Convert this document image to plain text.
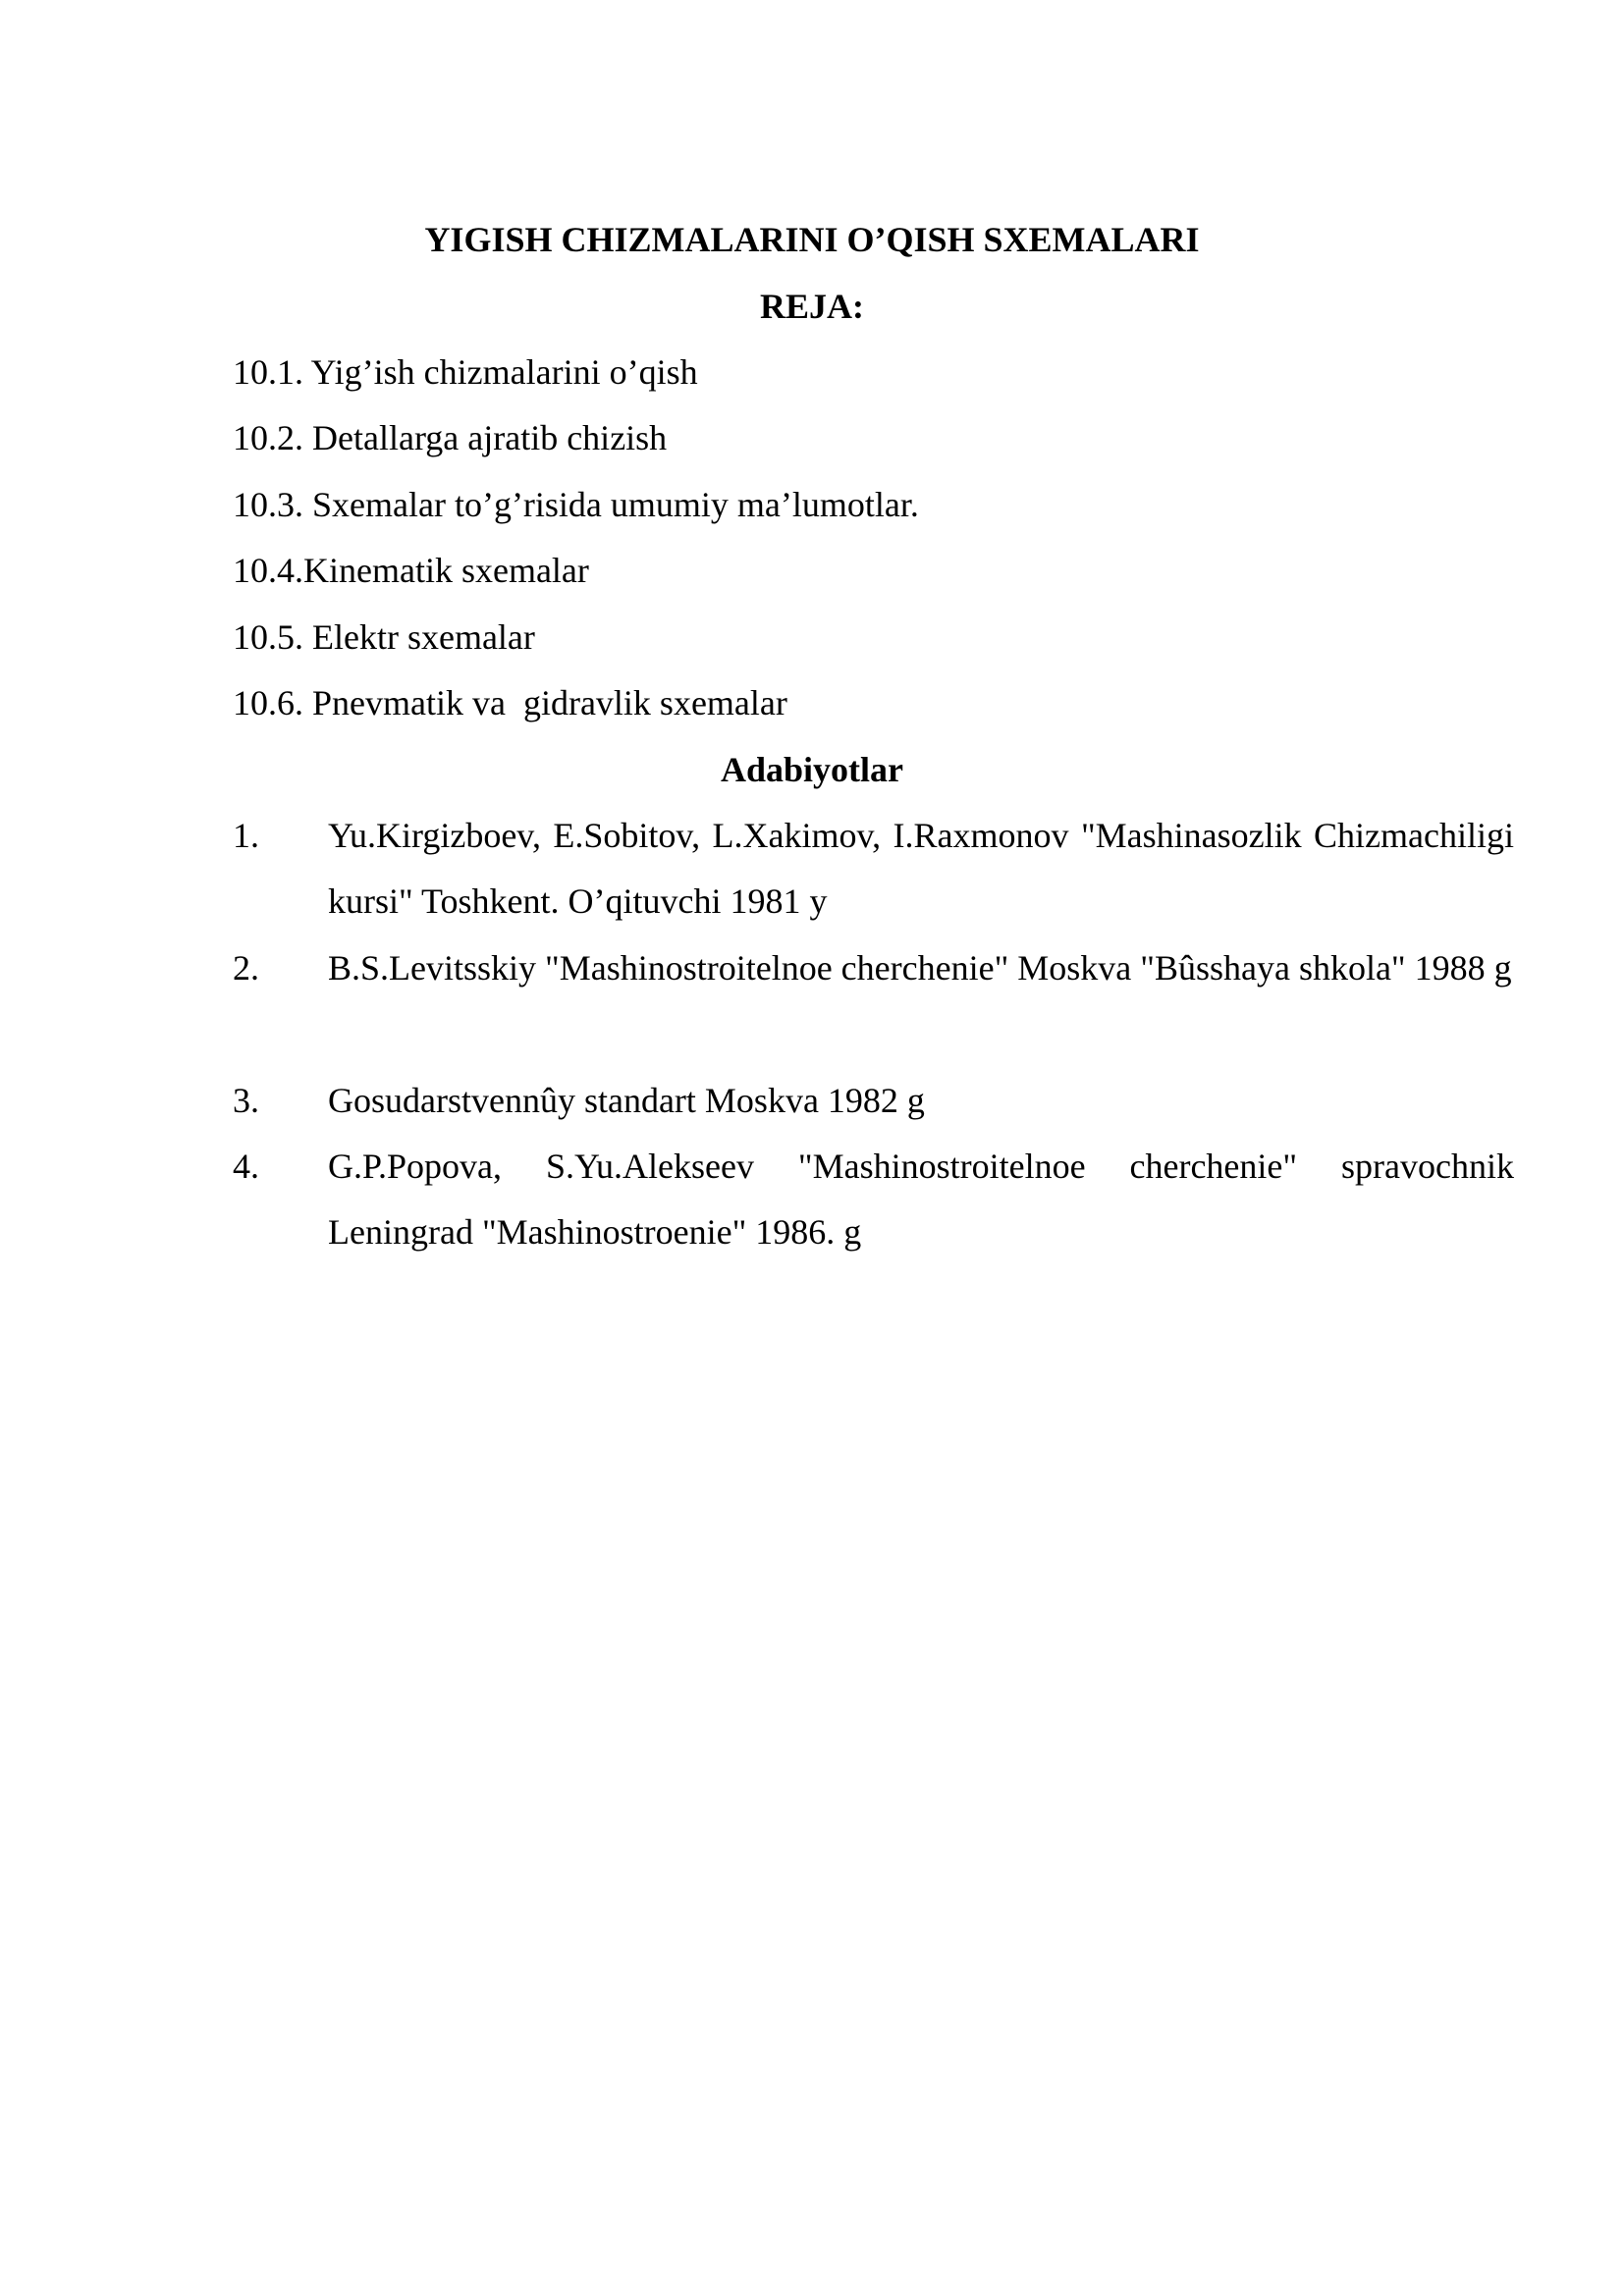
YIGISH CHIZMALARINI O’QISH SXEMALARI
REJA:
10.1. Yig’ish chizmalarini o’qish
10.2. Detallarga ajratib chizish
10.3. Sxemalar to’g’risida umumiy ma’lumotlar.
10.4.Kinematik sxemalar
10.5. Elektr sxemalar
10.6. Pnevmatik va  gidravlik sxemalar
Adabiyotlar
1. Yu.Kirgizboev, E.Sobitov, L.Xakimov, I.Raxmonov "Mashinasozlik Chizmachiligi kursi" Toshkent. O’qituvchi 1981 y
2. B.S.Levitsskiy "Mashinostroitelnoe cherchenie" Moskva "Bûsshaya shkola" 1988 g
3. Gosudarstvennûy standart Moskva 1982 g
4. G.P.Popova, S.Yu.Alekseev "Mashinostroitelnoe cherchenie" spravochnik Leningrad "Mashinostroenie" 1986. g
